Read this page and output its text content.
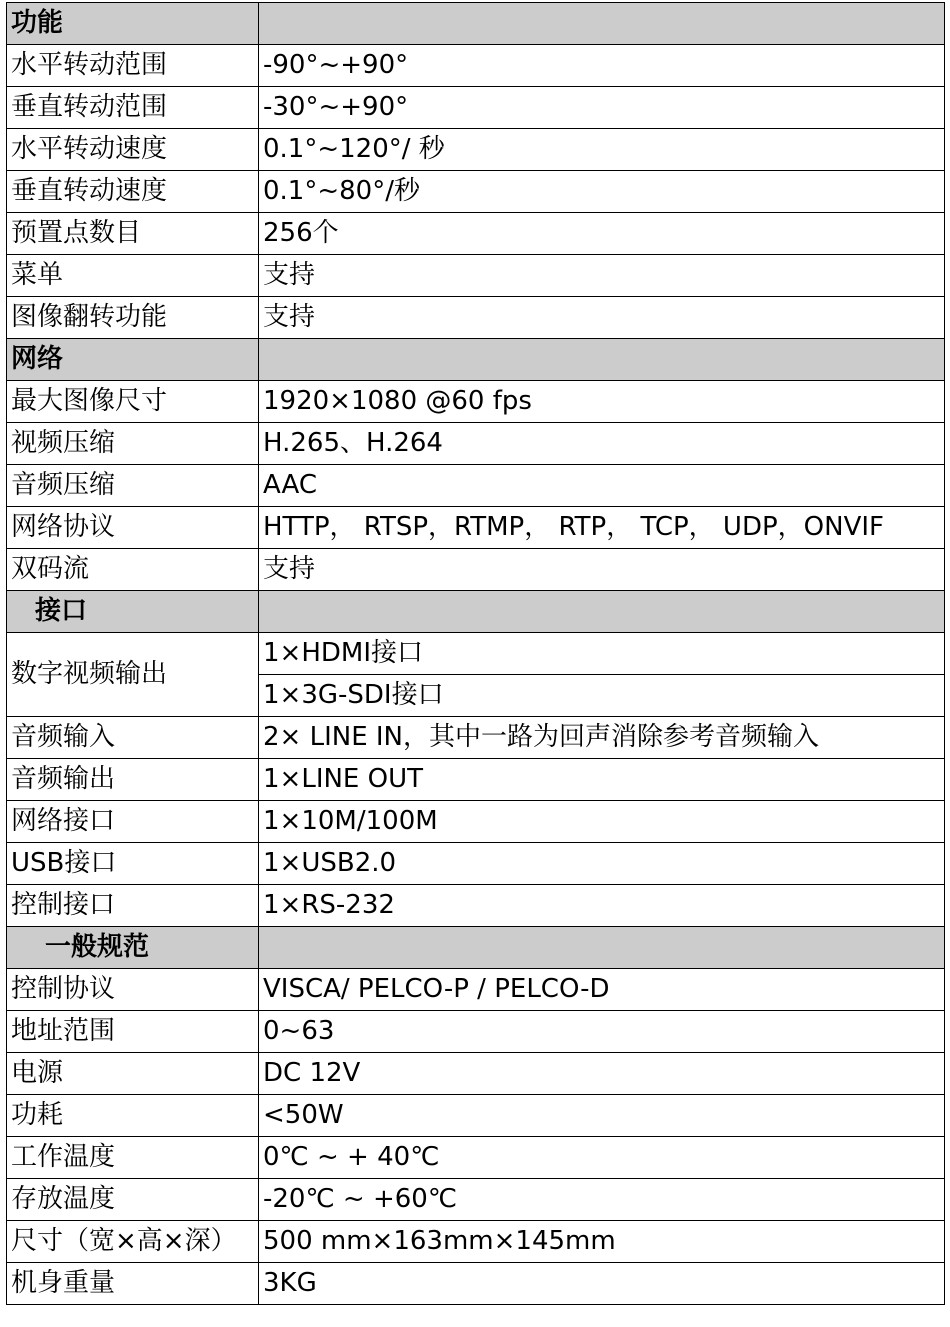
功能	
水平转动范围	-90°~+90°
垂直转动范围	-30°~+90°
水平转动速度	0.1°~120°/ 秒
垂直转动速度	0.1°~80°/秒
预置点数目	256个
菜单	支持
图像翻转功能	支持
网络	
最大图像尺寸	1920×1080 @60 fps
视频压缩	H.265、H.264
音频压缩	AAC
网络协议	HTTP， RTSP，RTMP， RTP， TCP， UDP，ONVIF
双码流	支持
接口	
数字视频输出	1×HDMI接口
	1×3G-SDI接口
音频输入	2× LINE IN，其中一路为回声消除参考音频输入
音频输出	1×LINE OUT
网络接口	1×10M/100M
USB接口	1×USB2.0
控制接口	1×RS-232
一般规范	
控制协议	VISCA/ PELCO-P / PELCO-D
地址范围	0~63
电源	DC 12V
功耗	<50W
工作温度	0℃ ~ + 40℃
存放温度	-20℃ ~ +60℃
尺寸（宽×高×深）	500 mm×163mm×145mm
机身重量	3KG
